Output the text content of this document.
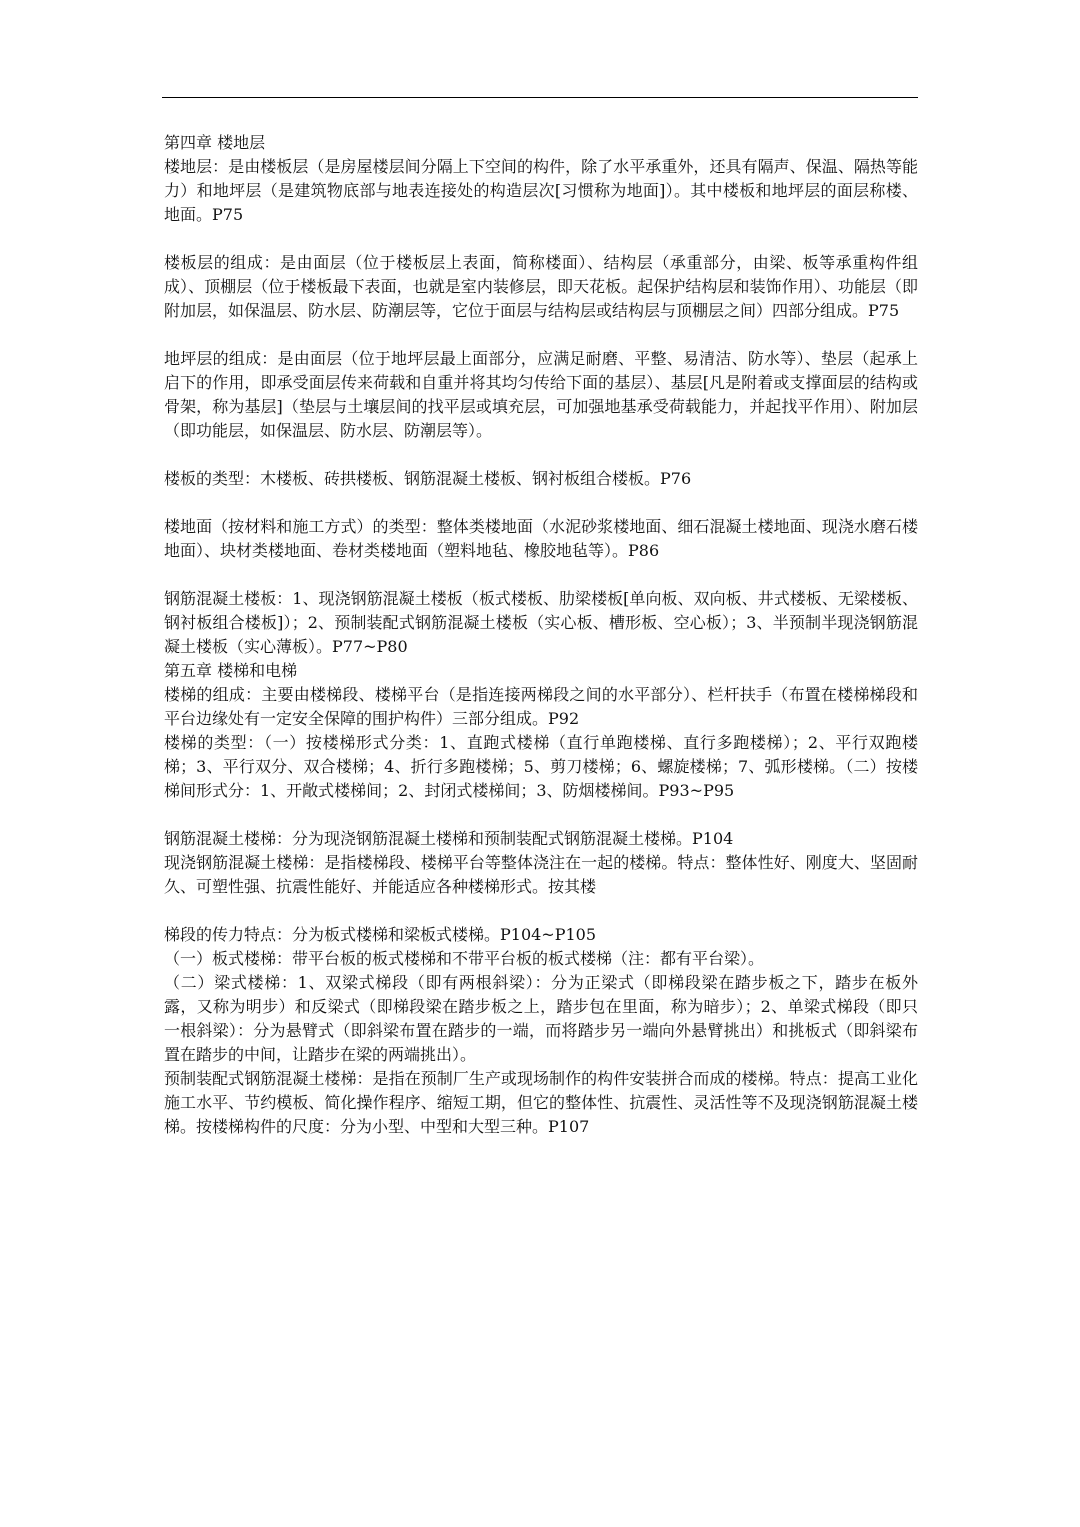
第四章 楼地层

楼地层：是由楼板层（是房屋楼层间分隔上下空间的构件，除了水平承重外，还具有隔声、保温、隔热等能力）和地坪层（是建筑物底部与地表连接处的构造层次[习惯称为地面]）。其中楼板和地坪层的面层称楼、地面。P75

楼板层的组成：是由面层（位于楼板层上表面，简称楼面）、结构层（承重部分，由梁、板等承重构件组成）、顶棚层（位于楼板最下表面，也就是室内装修层，即天花板。起保护结构层和装饰作用）、功能层（即附加层，如保温层、防水层、防潮层等，它位于面层与结构层或结构层与顶棚层之间）四部分组成。P75

地坪层的组成：是由面层（位于地坪层最上面部分，应满足耐磨、平整、易清洁、防水等）、垫层（起承上启下的作用，即承受面层传来荷载和自重并将其均匀传给下面的基层）、基层[凡是附着或支撑面层的结构或骨架，称为基层]（垫层与土壤层间的找平层或填充层，可加强地基承受荷载能力，并起找平作用）、附加层（即功能层，如保温层、防水层、防潮层等）。

楼板的类型：木楼板、砖拱楼板、钢筋混凝土楼板、钢衬板组合楼板。P76

楼地面（按材料和施工方式）的类型：整体类楼地面（水泥砂浆楼地面、细石混凝土楼地面、现浇水磨石楼地面）、块材类楼地面、卷材类楼地面（塑料地毡、橡胶地毡等）。P86

钢筋混凝土楼板：1、现浇钢筋混凝土楼板（板式楼板、肋梁楼板[单向板、双向板、井式楼板、无梁楼板、钢衬板组合楼板]）；2、预制装配式钢筋混凝土楼板（实心板、槽形板、空心板）；3、半预制半现浇钢筋混凝土楼板（实心薄板）。P77~P80

第五章 楼梯和电梯

楼梯的组成：主要由楼梯段、楼梯平台（是指连接两梯段之间的水平部分）、栏杆扶手（布置在楼梯梯段和平台边缘处有一定安全保障的围护构件）三部分组成。P92

楼梯的类型：（一）按楼梯形式分类：1、直跑式楼梯（直行单跑楼梯、直行多跑楼梯）；2、平行双跑楼梯；3、平行双分、双合楼梯；4、折行多跑楼梯；5、剪刀楼梯；6、螺旋楼梯；7、弧形楼梯。（二）按楼梯间形式分：1、开敞式楼梯间；2、封闭式楼梯间；3、防烟楼梯间。P93~P95

钢筋混凝土楼梯：分为现浇钢筋混凝土楼梯和预制装配式钢筋混凝土楼梯。P104

现浇钢筋混凝土楼梯：是指楼梯段、楼梯平台等整体浇注在一起的楼梯。特点：整体性好、刚度大、坚固耐久、可塑性强、抗震性能好、并能适应各种楼梯形式。按其楼

梯段的传力特点：分为板式楼梯和梁板式楼梯。P104~P105

（一）板式楼梯：带平台板的板式楼梯和不带平台板的板式楼梯（注：都有平台梁）。

（二）梁式楼梯：1、双梁式梯段（即有两根斜梁）：分为正梁式（即梯段梁在踏步板之下，踏步在板外露，又称为明步）和反梁式（即梯段梁在踏步板之上，踏步包在里面，称为暗步）；2、单梁式梯段（即只一根斜梁）：分为悬臂式（即斜梁布置在踏步的一端，而将踏步另一端向外悬臂挑出）和挑板式（即斜梁布置在踏步的中间，让踏步在梁的两端挑出）。

预制装配式钢筋混凝土楼梯：是指在预制厂生产或现场制作的构件安装拼合而成的楼梯。特点：提高工业化施工水平、节约模板、简化操作程序、缩短工期，但它的整体性、抗震性、灵活性等不及现浇钢筋混凝土楼梯。按楼梯构件的尺度：分为小型、中型和大型三种。P107
